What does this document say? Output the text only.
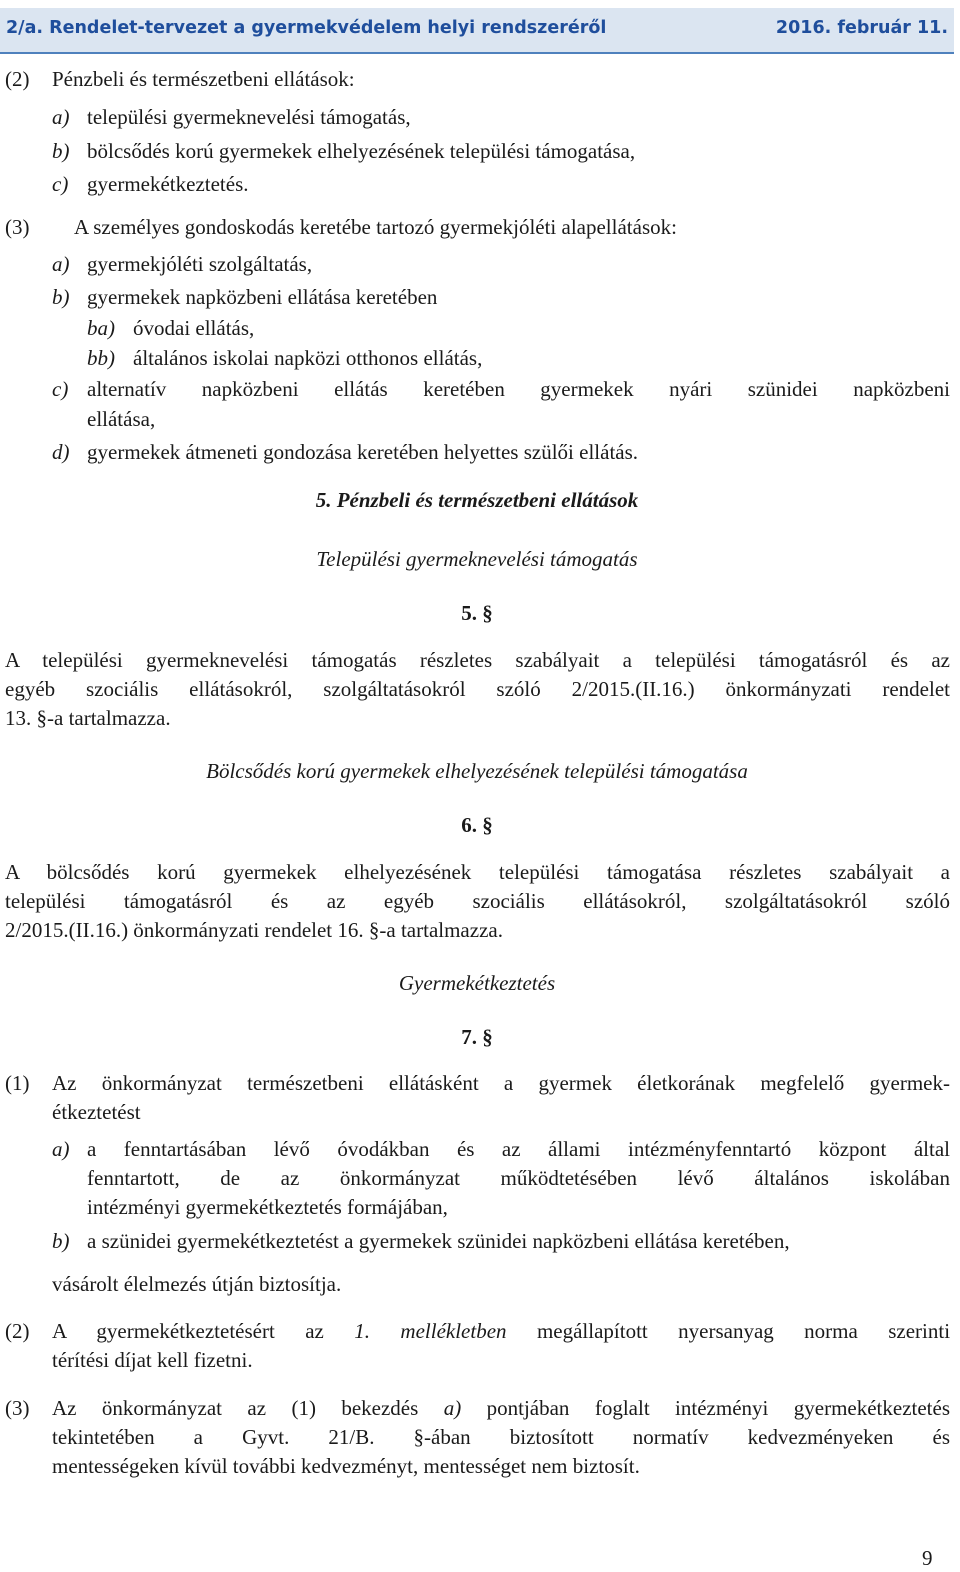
2/a. Rendelet-tervezet a gyermekvédelem helyi rendszeréről	2016. február 11.
(2) Pénzbeli és természetbeni ellátások:
a) települési gyermeknevelési támogatás,
b) bölcsődés korú gyermekek elhelyezésének települési támogatása,
c) gyermekétkeztetés.
(3) A személyes gondoskodás keretébe tartozó gyermekjóléti alapellátások:
a) gyermekjóléti szolgáltatás,
b) gyermekek napközbeni ellátása keretében
ba) óvodai ellátás,
bb) általános iskolai napközi otthonos ellátás,
c) alternatív napközbeni ellátás keretében gyermekek nyári szünidei napközbeni
ellátása,
d) gyermekek átmeneti gondozása keretében helyettes szülői ellátás.
5. Pénzbeli és természetbeni ellátások
Települési gyermeknevelési támogatás
5. §
A települési gyermeknevelési támogatás részletes szabályait a települési támogatásról és az
egyéb szociális ellátásokról, szolgáltatásokról szóló 2/2015.(II.16.) önkormányzati rendelet
13. §-a tartalmazza.
Bölcsődés korú gyermekek elhelyezésének települési támogatása
6. §
A bölcsődés korú gyermekek elhelyezésének települési támogatása részletes szabályait a
települési támogatásról és az egyéb szociális ellátásokról, szolgáltatásokról szóló
2/2015.(II.16.) önkormányzati rendelet 16. §-a tartalmazza.
Gyermekétkeztetés
7. §
(1) Az önkormányzat természetbeni ellátásként a gyermek életkorának megfelelő gyermek-
étkeztetést
a) a fenntartásában lévő óvodákban és az állami intézményfenntartó központ által
fenntartott, de az önkormányzat működtetésében lévő általános iskolában
intézményi gyermekétkeztetés formájában,
b) a szünidei gyermekétkeztetést a gyermekek szünidei napközbeni ellátása keretében,
vásárolt élelmezés útján biztosítja.
(2) A gyermekétkeztetésért az 1. mellékletben megállapított nyersanyag norma szerinti
térítési díjat kell fizetni.
(3) Az önkormányzat az (1) bekezdés a) pontjában foglalt intézményi gyermekétkeztetés
tekintetében a Gyvt. 21/B. §-ában biztosított normatív kedvezményeken és
mentességeken kívül további kedvezményt, mentességet nem biztosít.
9
